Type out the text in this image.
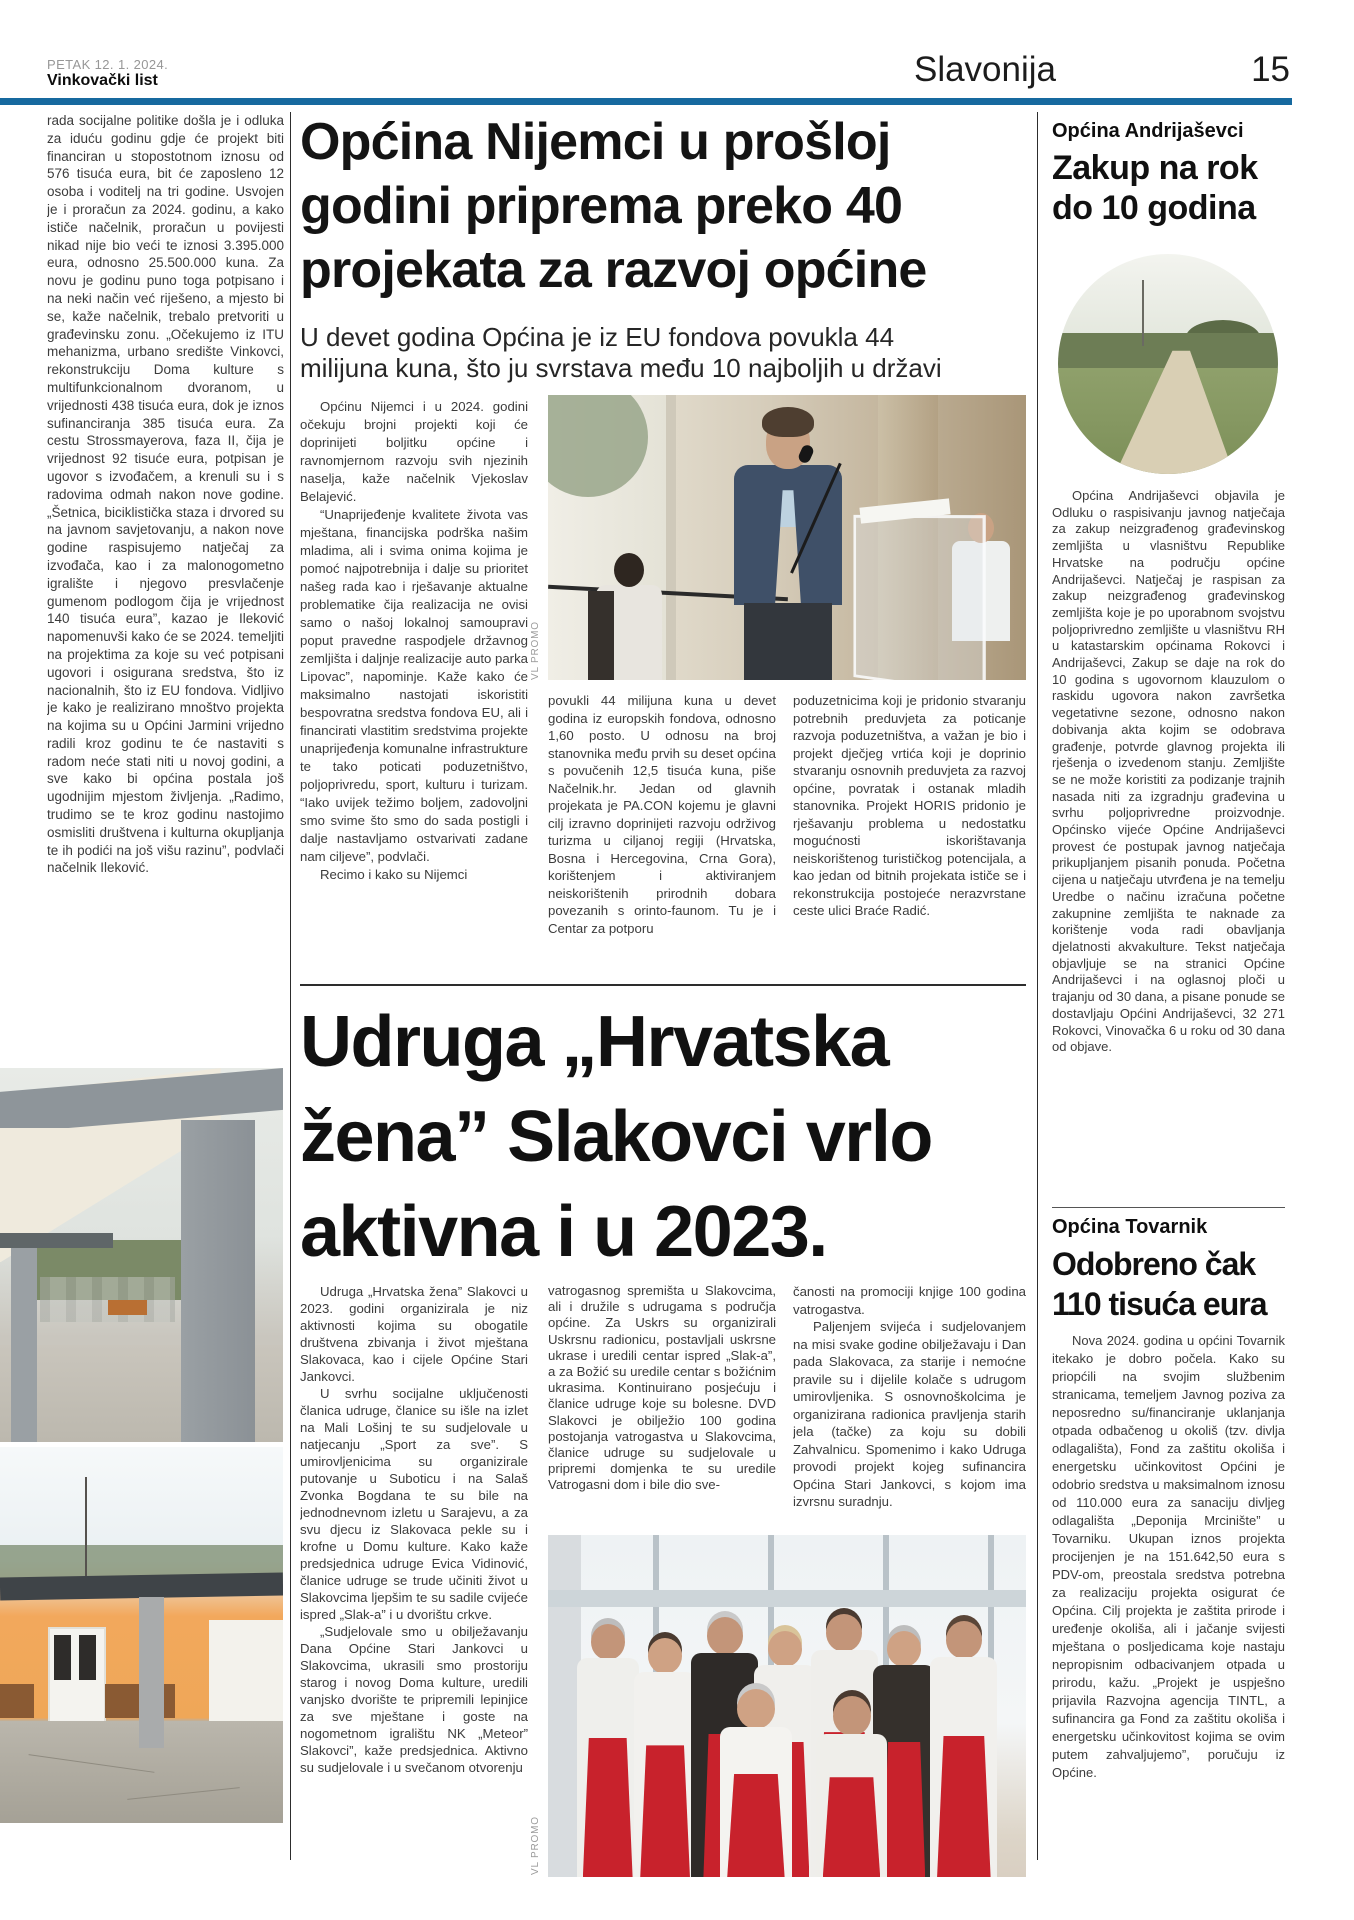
PETAK 12. 1. 2024.
Vinkovački list	Slavonija	15

rada socijalne politike došla je i odluka za iduću godinu gdje će projekt biti financiran u stopostotnom iznosu od 576 tisuća eura, bit će zaposleno 12 osoba i voditelj na tri godine. Usvojen je i proračun za 2024. godinu, a kako ističe načelnik, proračun u povijesti nikad nije bio veći te iznosi 3.395.000 eura, odnosno 25.500.000 kuna. Za novu je godinu puno toga potpisano i na neki način već riješeno, a mjesto bi se, kaže načelnik, trebalo pretvoriti u građevinsku zonu. „Očekujemo iz ITU mehanizma, urbano središte Vinkovci, rekonstrukciju Doma kulture s multifunkcionalnom dvoranom, u vrijednosti 438 tisuća eura, dok je iznos sufinanciranja 385 tisuća eura. Za cestu Strossmayerova, faza II, čija je vrijednost 92 tisuće eura, potpisan je ugovor s izvođačem, a krenuli su i s radovima odmah nakon nove godine. „Šetnica, biciklistička staza i drvored su na javnom savjetovanju, a nakon nove godine raspisujemo natječaj za izvođača, kao i za malonogometno igralište i njegovo presvlačenje gumenom podlogom čija je vrijednost 140 tisuća eura”, kazao je Ileković napomenuvši kako će se 2024. temeljiti na projektima za koje su već potpisani ugovori i osigurana sredstva, što iz nacionalnih, što iz EU fondova. Vidljivo je kako je realizirano mnoštvo projekta na kojima su u Općini Jarmini vrijedno radili kroz godinu te će nastaviti s radom neće stati niti u novoj godini, a sve kako bi općina postala još ugodnijim mjestom življenja. „Radimo, trudimo se te kroz godinu nastojimo osmisliti društvena i kulturna okupljanja te ih podići na još višu razinu”, podvlači načelnik Ileković.

Općina Nijemci u prošloj
godini priprema preko 40
projekata za razvoj općine
U devet godina Općina je iz EU fondova povukla 44
milijuna kuna, što ju svrstava među 10 najboljih u državi
VL PROMO

Općinu Nijemci i u 2024. godini očekuju brojni projekti koji će doprinijeti boljitku općine i ravnomjernom razvoju svih njezinih naselja, kaže načelnik Vjekoslav Belajević.

“Unaprijeđenje kvalitete života vas mještana, financijska podrška našim mladima, ali i svima onima kojima je pomoć najpotrebnija i dalje su prioritet našeg rada kao i rješavanje aktualne problematike čija realizacija ne ovisi samo o našoj lokalnoj samoupravi poput pravedne raspodjele državnog zemljišta i daljnje realizacije auto parka Lipovac”, napominje. Kaže kako će maksimalno nastojati iskoristiti bespovratna sredstva fondova EU, ali i financirati vlastitim sredstvima projekte unaprijeđenja komunalne infrastrukture te tako poticati poduzetništvo, poljoprivredu, sport, kulturu i turizam. “Iako uvijek težimo boljem, zadovoljni smo svime što smo do sada postigli i dalje nastavljamo ostvarivati zadane nam ciljeve”, podvlači.

Recimo i kako su Nijemci

povukli 44 milijuna kuna u devet godina iz europskih fondova, odnosno 1,60 posto. U odnosu na broj stanovnika među prvih su deset općina s povučenih 12,5 tisuća kuna, piše Načelnik.hr. Jedan od glavnih projekata je PA.CON kojemu je glavni cilj izravno doprinijeti razvoju održivog turizma u ciljanoj regiji (Hrvatska, Bosna i Hercegovina, Crna Gora), korištenjem i aktiviranjem neiskorištenih prirodnih dobara povezanih s orinto-faunom. Tu je i Centar za potporu

poduzetnicima koji je pridonio stvaranju potrebnih preduvjeta za poticanje razvoja poduzetništva, a važan je bio i projekt dječjeg vrtića koji je doprinio stvaranju osnovnih preduvjeta za razvoj općine, povratak i ostanak mladih stanovnika. Projekt HORIS pridonio je rješavanju problema u nedostatku mogućnosti iskorištavanja neiskorištenog turističkog potencijala, a kao jedan od bitnih projekata ističe se i rekonstrukcija postojeće nerazvrstane ceste ulici Braće Radić.

Udruga „Hrvatska
žena” Slakovci vrlo
aktivna i u 2023.

Udruga „Hrvatska žena” Slakovci u 2023. godini organizirala je niz aktivnosti kojima su obogatile društvena zbivanja i život mještana Slakovaca, kao i cijele Općine Stari Jankovci.

U svrhu socijalne uključenosti članica udruge, članice su išle na izlet na Mali Lošinj te su sudjelovale u natjecanju „Sport za sve”. S umirovljenicima su organizirale putovanje u Suboticu i na Salaš Zvonka Bogdana te su bile na jednodnevnom izletu u Sarajevu, a za svu djecu iz Slakovaca pekle su i krofne u Domu kulture. Kako kaže predsjednica udruge Evica Vidinović, članice udruge se trude učiniti život u Slakovcima ljepšim te su sadile cvijeće ispred „Slak-a” i u dvorištu crkve.

„Sudjelovale smo u obilježavanju Dana Općine Stari Jankovci u Slakovcima, ukrasili smo prostoriju starog i novog Doma kulture, uredili vanjsko dvorište te pripremili lepinjice za sve mještane i goste na nogometnom igralištu NK „Meteor” Slakovci”, kaže predsjednica. Aktivno su sudjelovale i u svečanom otvorenju

vatrogasnog spremišta u Slakovcima, ali i družile s udrugama s područja općine. Za Uskrs su organizirali Uskrsnu radionicu, postavljali uskrsne ukrase i uredili centar ispred „Slak-a”, a za Božić su uredile centar s božićnim ukrasima. Kontinuirano posjećuju i članice udruge koje su bolesne. DVD Slakovci je obilježio 100 godina postojanja vatrogastva u Slakovcima, članice udruge su sudjelovale u pripremi domjenka te su uredile Vatrogasni dom i bile dio sve-

čanosti na promociji knjige 100 godina vatrogastva.

Paljenjem svijeća i sudjelovanjem na misi svake godine obilježavaju i Dan pada Slakovaca, za starije i nemoćne pravile su i dijelile kolače s udrugom umirovljenika. S osnovnoškolcima je organizirana radionica pravljenja starih jela (tačke) za koju su dobili Zahvalnicu. Spomenimo i kako Udruga provodi projekt kojeg sufinancira Općina Stari Jankovci, s kojom ima izvrsnu suradnju.

VL PROMO
Općina Andrijaševci
Zakup na rok
do 10 godina

Općina Andrijaševci objavila je Odluku o raspisivanju javnog natječaja za zakup neizgrađenog građevinskog zemljišta u vlasništvu Republike Hrvatske na području općine Andrijaševci. Natječaj je raspisan za zakup neizgrađenog građevinskog zemljišta koje je po uporabnom svojstvu poljoprivredno zemljište u vlasništvu RH u katastarskim općinama Rokovci i Andrijaševci, Zakup se daje na rok do 10 godina s ugovornom klauzulom o raskidu ugovora nakon završetka vegetativne sezone, odnosno nakon dobivanja akta kojim se odobrava građenje, potvrde glavnog projekta ili rješenja o izvedenom stanju. Zemljište se ne može koristiti za podizanje trajnih nasada niti za izgradnju građevina u svrhu poljoprivredne proizvodnje. Općinsko vijeće Općine Andrijaševci provest će postupak javnog natječaja prikupljanjem pisanih ponuda. Početna cijena u natječaju utvrđena je na temelju Uredbe o načinu izračuna početne zakupnine zemljišta te naknade za korištenje voda radi obavljanja djelatnosti akvakulture. Tekst natječaja objavljuje se na stranici Općine Andrijaševci i na oglasnoj ploči u trajanju od 30 dana, a pisane ponude se dostavljaju Općini Andrijaševci, 32 271 Rokovci, Vinovačka 6 u roku od 30 dana od objave.

Općina Tovarnik
Odobreno čak
110 tisuća eura

Nova 2024. godina u općini Tovarnik itekako je dobro počela. Kako su priopćili na svojim službenim stranicama, temeljem Javnog poziva za neposredno su/financiranje uklanjanja otpada odbačenog u okoliš (tzv. divlja odlagališta), Fond za zaštitu okoliša i energetsku učinkovitost Općini je odobrio sredstva u maksimalnom iznosu od 110.000 eura za sanaciju divljeg odlagališta „Deponija Mrcinište” u Tovarniku. Ukupan iznos projekta procijenjen je na 151.642,50 eura s PDV-om, preostala sredstva potrebna za realizaciju projekta osigurat će Općina. Cilj projekta je zaštita prirode i uređenje okoliša, ali i jačanje svijesti mještana o posljedicama koje nastaju nepropisnim odbacivanjem otpada u prirodu, kažu. „Projekt je uspješno prijavila Razvojna agencija TINTL, a sufinancira ga Fond za zaštitu okoliša i energetsku učinkovitost kojima se ovim putem zahvaljujemo”, poručuju iz Općine.
